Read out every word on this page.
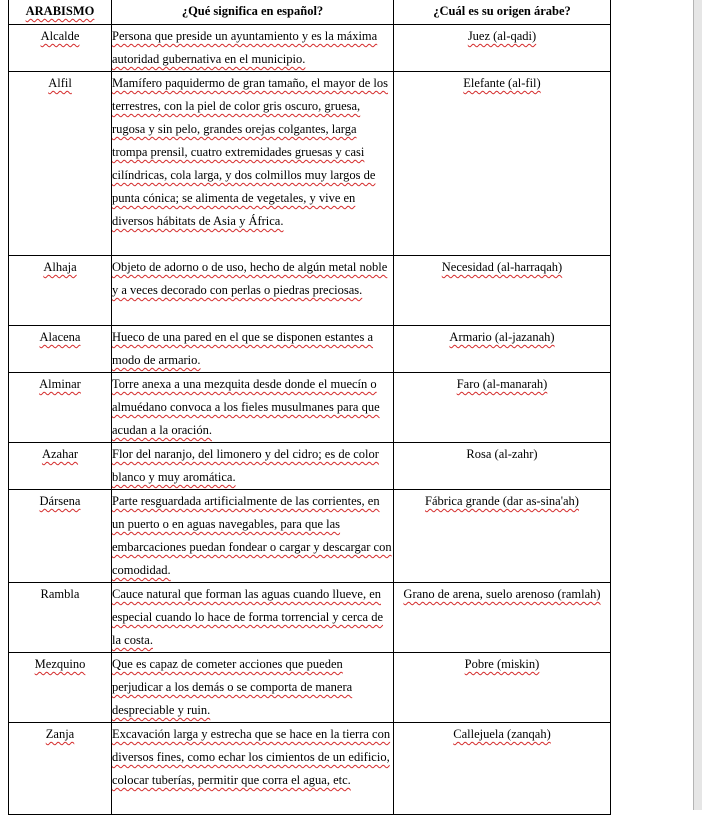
ARABISMO	¿Qué significa en español?	¿Cuál es su origen árabe?
Alcalde	Persona que preside un ayuntamiento y es la máxima autoridad gubernativa en el municipio.	Juez (al-qadi)
Alfil	Mamífero paquidermo de gran tamaño, el mayor de los terrestres, con la piel de color gris oscuro, gruesa, rugosa y sin pelo, grandes orejas colgantes, larga trompa prensil, cuatro extremidades gruesas y casi cilíndricas, cola larga, y dos colmillos muy largos de punta cónica; se alimenta de vegetales, y vive en diversos hábitats de Asia y África.	Elefante (al-fil)
Alhaja	Objeto de adorno o de uso, hecho de algún metal noble y a veces decorado con perlas o piedras preciosas.	Necesidad (al-harraqah)
Alacena	Hueco de una pared en el que se disponen estantes a modo de armario.	Armario (al-jazanah)
Alminar	Torre anexa a una mezquita desde donde el muecín o almuédano convoca a los fieles musulmanes para que acudan a la oración.	Faro (al-manarah)
Azahar	Flor del naranjo, del limonero y del cidro; es de color blanco y muy aromática.	Rosa (al-zahr)
Dársena	Parte resguardada artificialmente de las corrientes, en un puerto o en aguas navegables, para que las embarcaciones puedan fondear o cargar y descargar con comodidad.	Fábrica grande (dar as-sina'ah)
Rambla	Cauce natural que forman las aguas cuando llueve, en especial cuando lo hace de forma torrencial y cerca de la costa.	Grano de arena, suelo arenoso (ramlah)
Mezquino	Que es capaz de cometer acciones que pueden perjudicar a los demás o se comporta de manera despreciable y ruin.	Pobre (miskin)
Zanja	Excavación larga y estrecha que se hace en la tierra con diversos fines, como echar los cimientos de un edificio, colocar tuberías, permitir que corra el agua, etc.	Callejuela (zanqah)
